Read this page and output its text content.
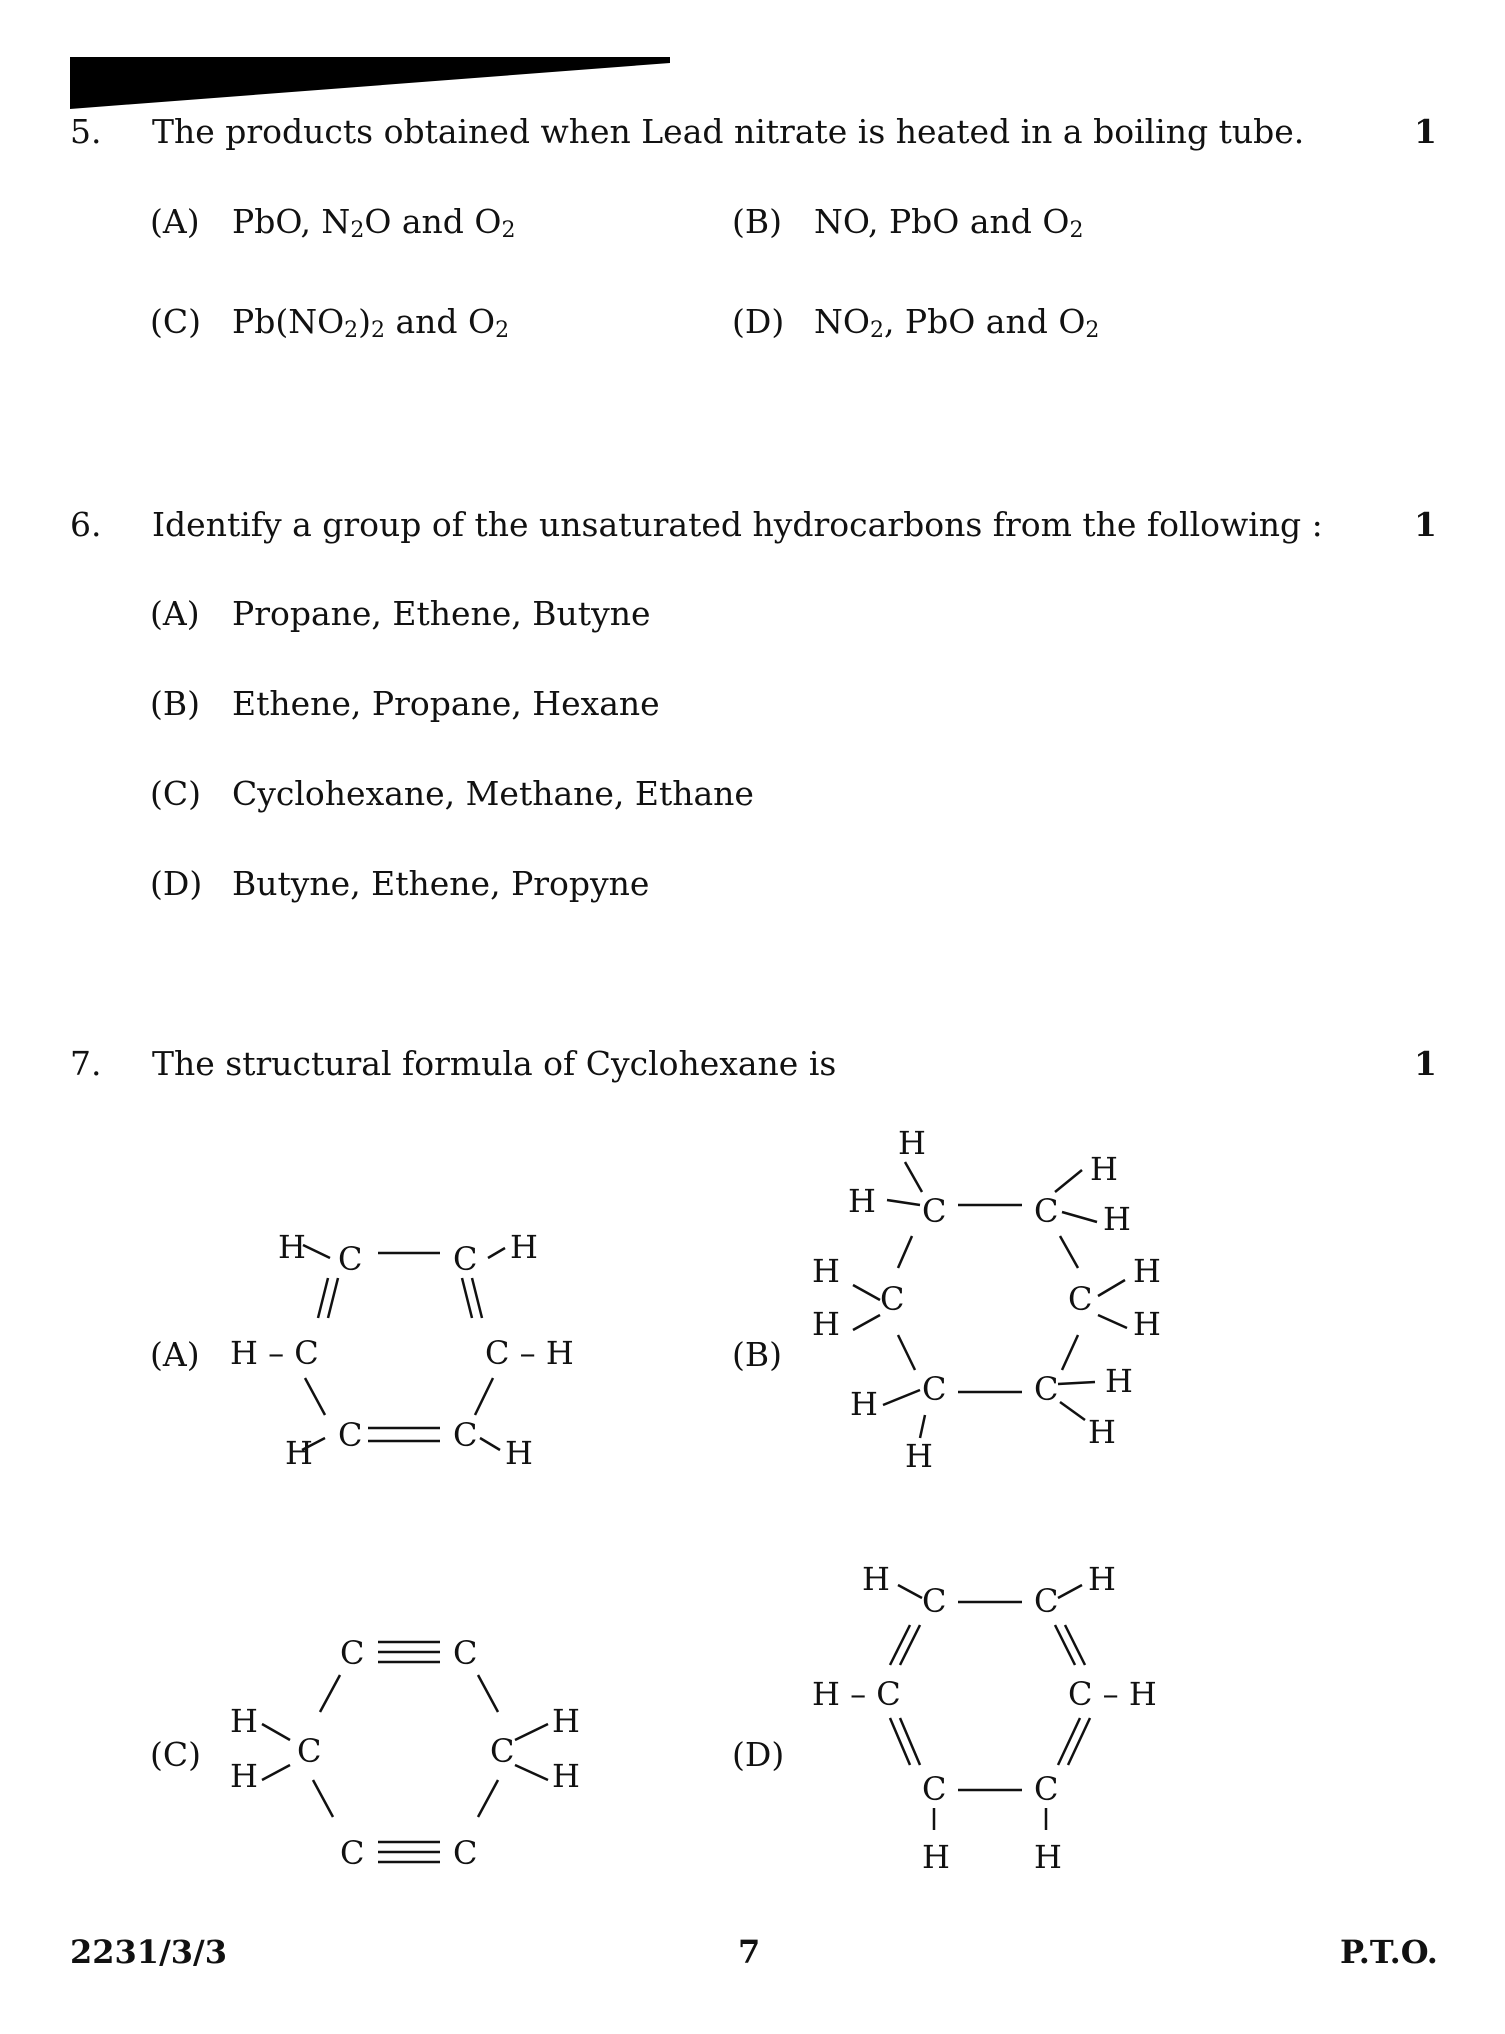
5. The products obtained when Lead nitrate is heated in a boiling tube.	1
(A) PbO, $N_2O$ and $O_2$	(B) NO, PbO and $O_2$
(C) $Pb(NO_2)_2$ and $O_2$	(D) $NO_2$, PbO and $O_2$
6. Identify a group of the unsaturated hydrocarbons from the following :	1
(A) Propane, Ethene, Butyne
(B) Ethene, Propane, Hexane
(C) Cyclohexane, Methane, Ethane
(D) Butyne, Ethene, Propyne
7. The structural formula of Cyclohexane is	1
(A)	(B)
(C)	(D)
H C	C H
H – C	C – H
C	C
H	H
H
H
H C	C H
H	H
C	C
H	H
C	C H
H
H
H
C	C
H	H
C	C
H	H
C	C
H	H
C	C
H – C	C – H
C	C
H	H
2231/3/3	7	P.T.O.
